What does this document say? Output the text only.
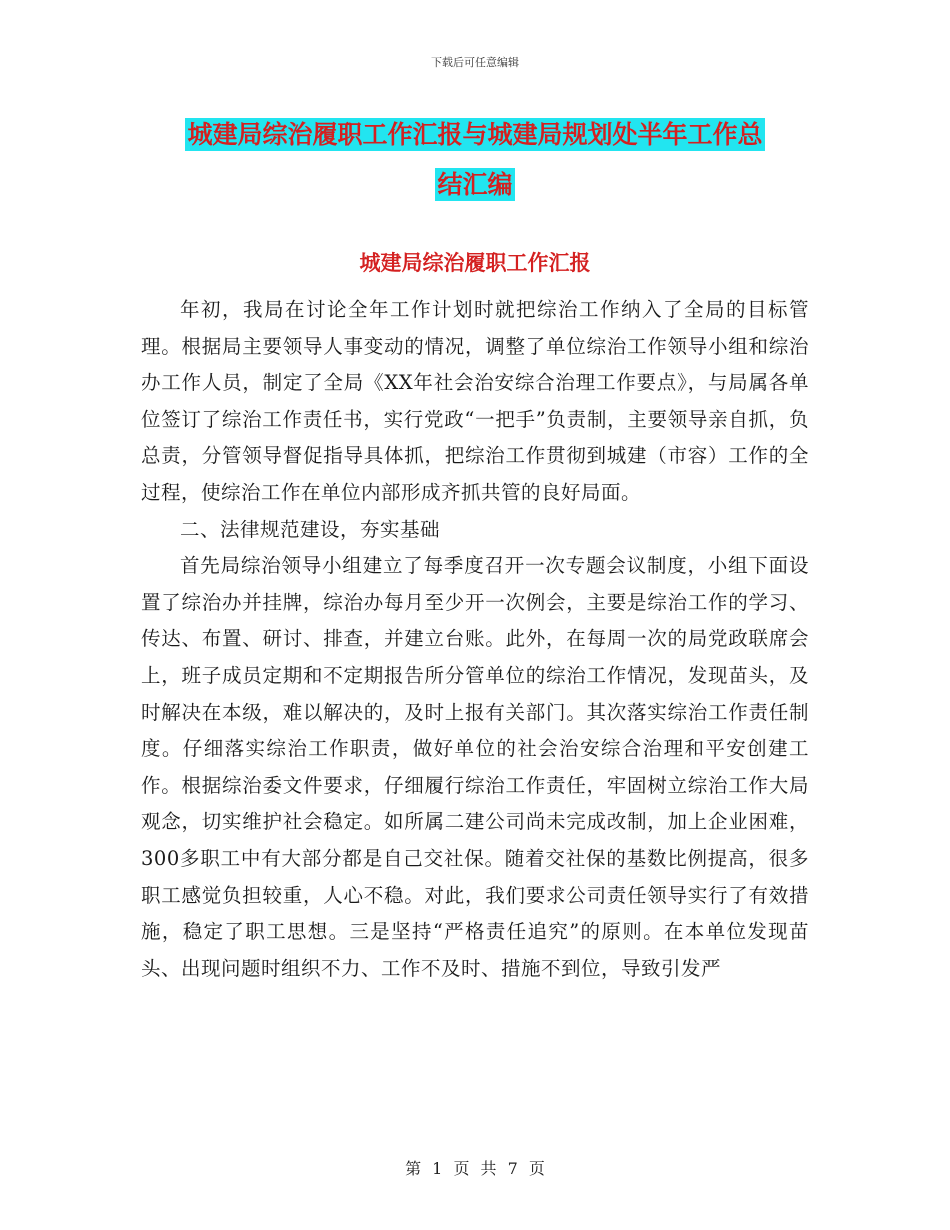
下载后可任意编辑
城建局综治履职工作汇报与城建局规划处半年工作总
结汇编
城建局综治履职工作汇报

年初，我局在讨论全年工作计划时就把综治工作纳入了全局的目标管理。根据局主要领导人事变动的情况，调整了单位综治工作领导小组和综治办工作人员，制定了全局《XX年社会治安综合治理工作要点》，与局属各单位签订了综治工作责任书，实行党政“一把手”负责制，主要领导亲自抓，负总责，分管领导督促指导具体抓，把综治工作贯彻到城建（市容）工作的全过程，使综治工作在单位内部形成齐抓共管的良好局面。

二、法律规范建设，夯实基础

首先局综治领导小组建立了每季度召开一次专题会议制度，小组下面设置了综治办并挂牌，综治办每月至少开一次例会，主要是综治工作的学习、传达、布置、研讨、排查，并建立台账。此外，在每周一次的局党政联席会上，班子成员定期和不定期报告所分管单位的综治工作情况，发现苗头，及时解决在本级，难以解决的，及时上报有关部门。其次落实综治工作责任制度。仔细落实综治工作职责，做好单位的社会治安综合治理和平安创建工作。根据综治委文件要求，仔细履行综治工作责任，牢固树立综治工作大局观念，切实维护社会稳定。如所属二建公司尚未完成改制，加上企业困难，300多职工中有大部分都是自己交社保。随着交社保的基数比例提高，很多职工感觉负担较重，人心不稳。对此，我们要求公司责任领导实行了有效措施，稳定了职工思想。三是坚持“严格责任追究”的原则。在本单位发现苗头、出现问题时组织不力、工作不及时、措施不到位，导致引发严

第 1 页 共 7 页
